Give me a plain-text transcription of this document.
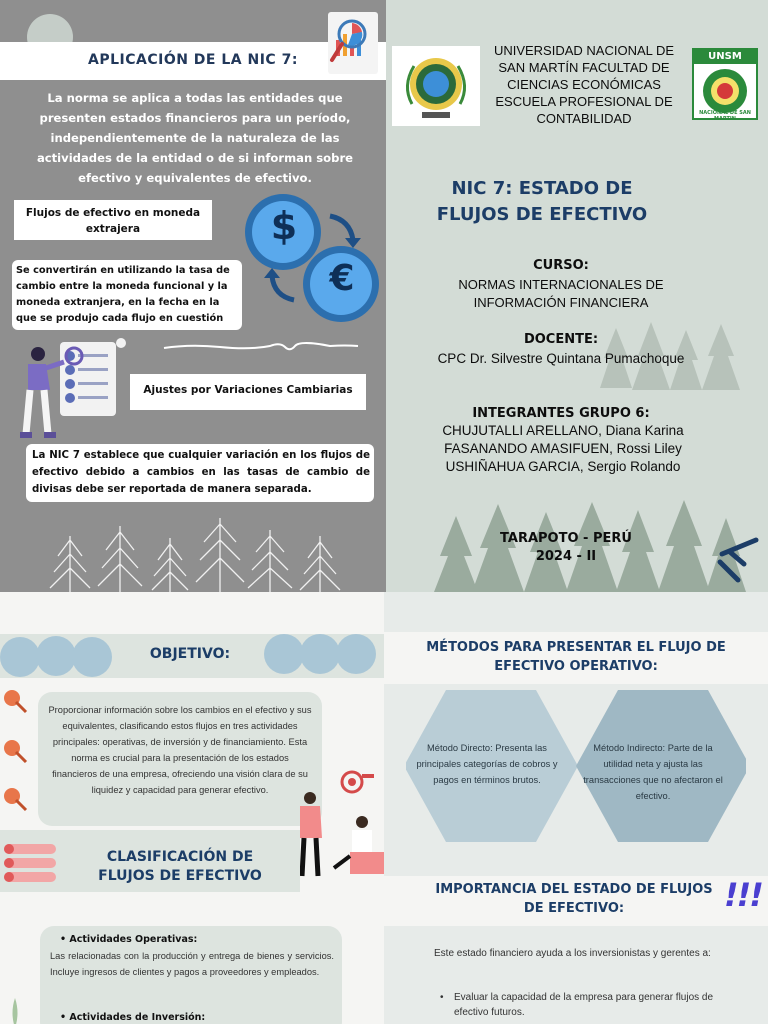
APLICACIÓN DE LA NIC 7:
La norma se aplica a todas las entidades que presenten estados financieros para un período, independientemente de la naturaleza de las actividades de la entidad o de si informan sobre efectivo y equivalentes de efectivo.
Flujos de efectivo en moneda extrajera	$
€
Se convertirán en utilizando la tasa de cambio entre la moneda funcional y la moneda extranjera, en la fecha en la que se produjo cada flujo en cuestión
Ajustes por Variaciones Cambiarias
La NIC 7 establece que cualquier variación en los flujos de efectivo debido a cambios en las tasas de cambio de divisas debe ser reportada de manera separada.
UNIVERSIDAD NACIONAL DE SAN MARTÍN FACULTAD DE CIENCIAS ECONÓMICAS ESCUELA PROFESIONAL DE CONTABILIDAD
UNSM
NACIONAL DE SAN MARTIN
NIC 7: ESTADO DE FLUJOS DE EFECTIVO
CURSO:
NORMAS INTERNACIONALES DE INFORMACIÓN FINANCIERA
DOCENTE:
CPC Dr. Silvestre Quintana Pumachoque
INTEGRANTES GRUPO 6:
CHUJUTALLI ARELLANO, Diana Karina
FASANANDO AMASIFUEN, Rossi Liley
USHIÑAHUA GARCIA, Sergio Rolando
TARAPOTO - PERÚ
2024 - II
OBJETIVO:
Proporcionar información sobre los cambios en el efectivo y sus equivalentes, clasificando estos flujos en tres actividades principales: operativas, de inversión y de financiamiento. Esta norma es crucial para la presentación de los estados financieros de una empresa, ofreciendo una visión clara de su liquidez y capacidad para generar efectivo.
CLASIFICACIÓN DE FLUJOS DE EFECTIVO
• Actividades Operativas:
Las relacionadas con la producción y entrega de bienes y servicios. Incluye ingresos de clientes y pagos a proveedores y empleados.
• Actividades de Inversión:
MÉTODOS PARA PRESENTAR EL FLUJO DE EFECTIVO OPERATIVO:
Método Directo: Presenta las principales categorías de cobros y pagos en términos brutos.
Método Indirecto: Parte de la utilidad neta y ajusta las transacciones que no afectaron el efectivo.
IMPORTANCIA DEL ESTADO DE FLUJOS DE EFECTIVO:	!!!
Este estado financiero ayuda a los inversionistas y gerentes a:
• Evaluar la capacidad de la empresa para generar flujos de efectivo futuros.
